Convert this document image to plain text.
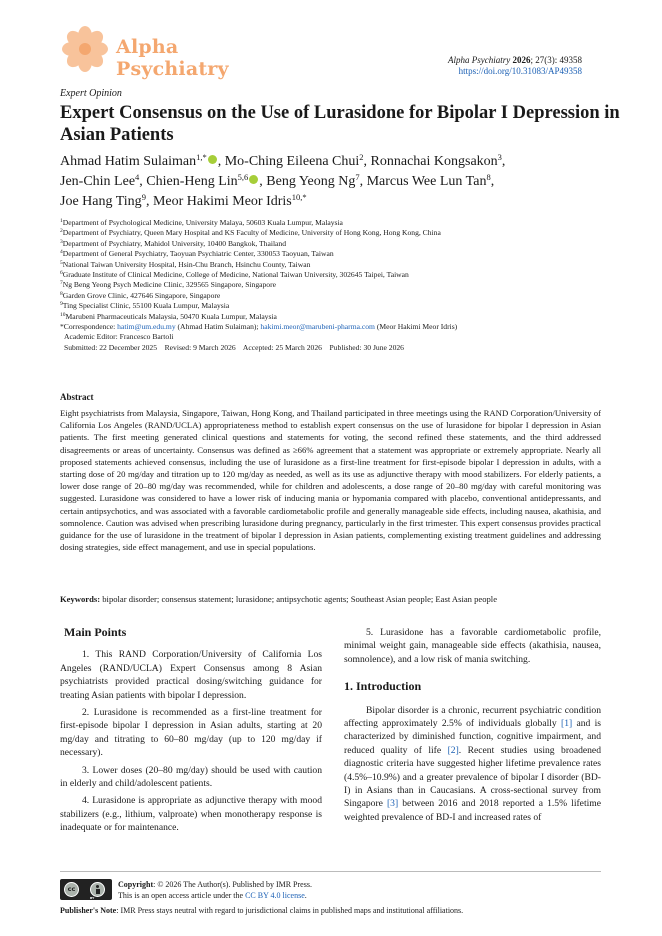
Alpha Psychiatry	Alpha Psychiatry 2026; 27(3): 49358
https://doi.org/10.31083/AP49358
Expert Opinion
Expert Consensus on the Use of Lurasidone for Bipolar I Depression in Asian Patients
Ahmad Hatim Sulaiman$^{1,*}$ , Mo-Ching Eileena Chui$^2$, Ronnachai Kongsakon$^3$,
Jen-Chin Lee$^4$, Chien-Heng Lin$^{5,6}$ , Beng Yeong Ng$^7$, Marcus Wee Lun Tan$^8$,
Joe Hang Ting$^9$, Meor Hakimi Meor Idris$^{10,*}$
$^1$Department of Psychological Medicine, University Malaya, 50603 Kuala Lumpur, Malaysia
$^2$Department of Psychiatry, Queen Mary Hospital and KS Faculty of Medicine, University of Hong Kong, Hong Kong, China
$^3$Department of Psychiatry, Mahidol University, 10400 Bangkok, Thailand
$^4$Department of General Psychiatry, Taoyuan Psychiatric Center, 330053 Taoyuan, Taiwan
$^5$National Taiwan University Hospital, Hsin-Chu Branch, Hsinchu County, Taiwan
$^6$Graduate Institute of Clinical Medicine, College of Medicine, National Taiwan University, 302645 Taipei, Taiwan
$^7$Ng Beng Yeong Psych Medicine Clinic, 329565 Singapore, Singapore
$^8$Garden Grove Clinic, 427646 Singapore, Singapore
$^9$Ting Specialist Clinic, 55100 Kuala Lumpur, Malaysia
$^{10}$Marubeni Pharmaceuticals Malaysia, 50470 Kuala Lumpur, Malaysia
*Correspondence: hatim@um.edu.my (Ahmad Hatim Sulaiman); hakimi.meor@marubeni-pharma.com (Meor Hakimi Meor Idris)
Academic Editor: Francesco Bartoli
Submitted: 22 December 2025    Revised: 9 March 2026    Accepted: 25 March 2026    Published: 30 June 2026
Abstract
Eight psychiatrists from Malaysia, Singapore, Taiwan, Hong Kong, and Thailand participated in three meetings using the RAND Corporation/University of California Los Angeles (RAND/UCLA) appropriateness method to establish expert consensus on the use of lurasidone for bipolar I depression in Asian patients. The first meeting generated clinical questions and statements for voting, the second refined these statements, and the third addressed disagreements or areas of uncertainty. Consensus was defined as ≥66% agreement that a statement was appropriate or extremely appropriate. Nearly all proposed statements achieved consensus, including the use of lurasidone as a first-line treatment for first-episode bipolar I depression in adults, with a starting dose of 20 mg/day and titration up to 120 mg/day as needed, as well as its use as adjunctive therapy with mood stabilizers. For elderly patients, a lower dose range of 20–80 mg/day was recommended, while for children and adolescents, a dose range of 20–80 mg/day with careful monitoring was suggested. Lurasidone was considered to have a lower risk of inducing mania or hypomania compared with placebo, conventional antidepressants, and certain antipsychotics, and was associated with a favorable cardiometabolic profile and generally manageable side effects, including nausea, akathisia, and somnolence. Caution was advised when prescribing lurasidone during pregnancy, particularly in the first trimester. This expert consensus provides practical guidance for the use of lurasidone in the treatment of bipolar I depression in Asian patients, complementing existing treatment guidelines and addressing dosing strategies, side effect management, and use in special populations.
Keywords: bipolar disorder; consensus statement; lurasidone; antipsychotic agents; Southeast Asian people; East Asian people
Main Points

1. This RAND Corporation/University of California Los Angeles (RAND/UCLA) Expert Consensus among 8 Asian psychiatrists provided practical dosing/switching guidance for treating Asian patients with bipolar I depression.

2. Lurasidone is recommended as a first-line treatment for first-episode bipolar I depression in Asian adults, starting at 20 mg/day and titrating to 60–80 mg/day (up to 120 mg/day if necessary).

3. Lower doses (20–80 mg/day) should be used with caution in elderly and child/adolescent patients.

4. Lurasidone is appropriate as adjunctive therapy with mood stabilizers (e.g., lithium, valproate) when monotherapy response is inadequate or for maintenance.

5. Lurasidone has a favorable cardiometabolic profile, minimal weight gain, manageable side effects (akathisia, nausea, somnolence), and a low risk of mania switching.

1. Introduction

Bipolar disorder is a chronic, recurrent psychiatric condition affecting approximately 2.5% of individuals globally [1] and is characterized by diminished function, cognitive impairment, and reduced quality of life [2]. Recent studies using broadened diagnostic criteria have suggested higher lifetime prevalence rates (4.5%–10.9%) and a greater prevalence of bipolar I disorder (BD-I) in Asians than in Caucasians. A cross-sectional survey from Singapore [3] between 2016 and 2018 reported a 1.5% lifetime weighted prevalence of BD-I and increased rates of

cc
BY
Copyright: © 2026 The Author(s). Published by IMR Press.
This is an open access article under the CC BY 4.0 license.
Publisher's Note: IMR Press stays neutral with regard to jurisdictional claims in published maps and institutional affiliations.
